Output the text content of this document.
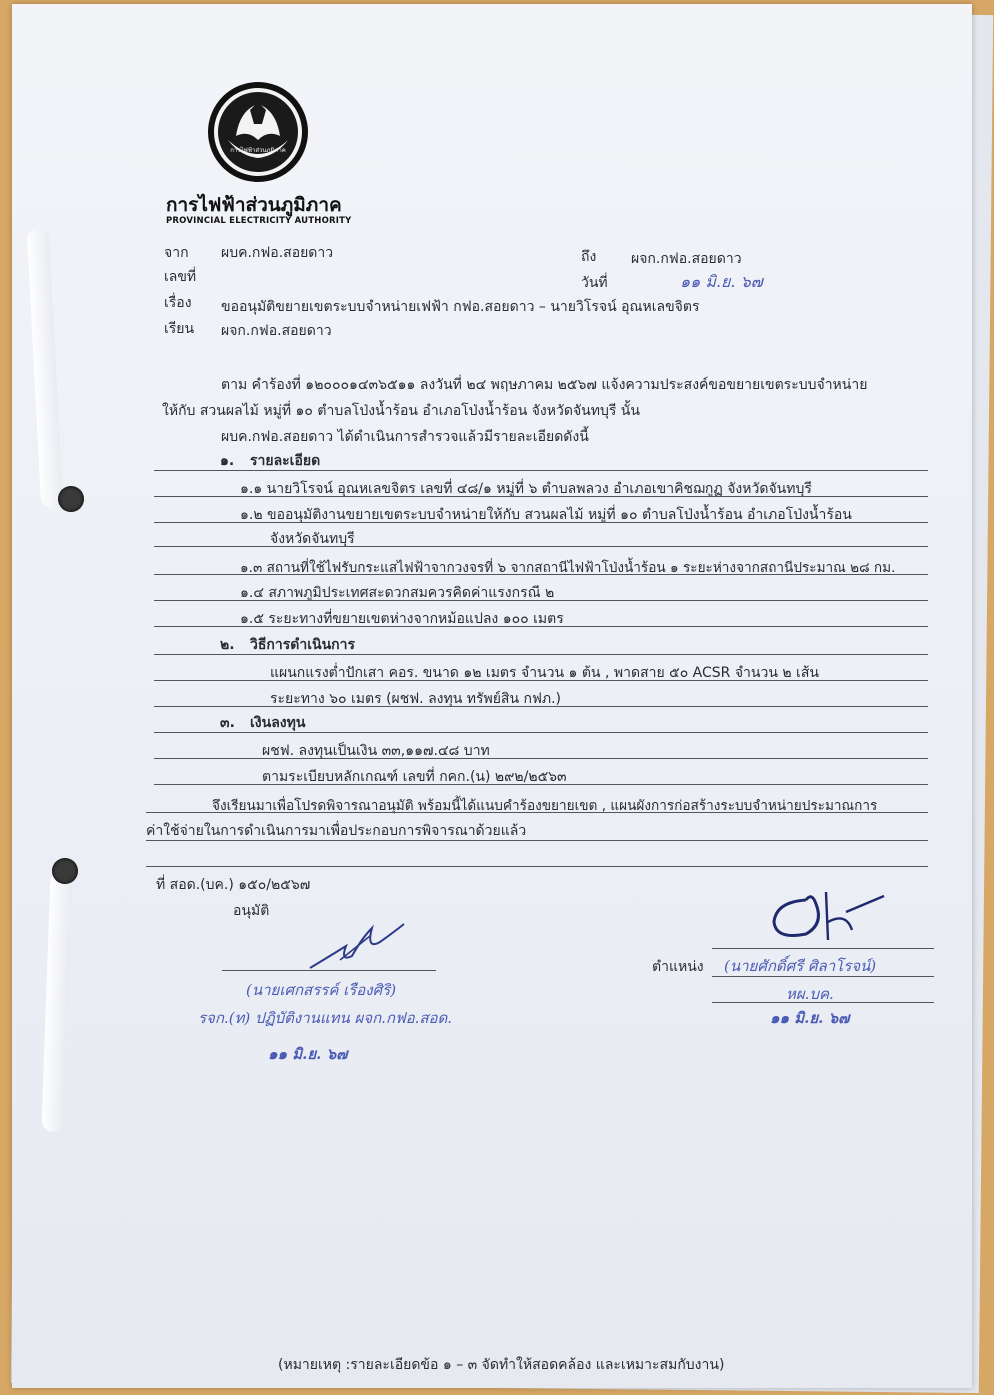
การไฟฟ้าส่วนภูมิภาค
การไฟฟ้าส่วนภูมิภาค
PROVINCIAL ELECTRICITY AUTHORITY
จาก ผบค.กฟอ.สอยดาว	ถึง ผจก.กฟอ.สอยดาว
เลขที่	วันที่	๑๑ มิ.ย. ๖๗
เรื่อง ขออนุมัติขยายเขตระบบจำหน่ายเฟฟ้า กฟอ.สอยดาว – นายวิโรจน์ อุณหเลขจิตร
เรียน ผจก.กฟอ.สอยดาว
ตาม คำร้องที่ ๑๒๐๐๐๑๔๓๖๕๑๑ ลงวันที่ ๒๔ พฤษภาคม ๒๕๖๗ แจ้งความประสงค์ขอขยายเขตระบบจำหน่าย
ให้กับ สวนผลไม้ หมู่ที่ ๑๐ ตำบลโป่งน้ำร้อน อำเภอโป่งน้ำร้อน จังหวัดจันทบุรี นั้น
ผบค.กฟอ.สอยดาว ได้ดำเนินการสำรวจแล้วมีรายละเอียดดังนี้
๑. รายละเอียด
๑.๑ นายวิโรจน์ อุณหเลขจิตร เลขที่ ๔๘/๑ หมู่ที่ ๖ ตำบลพลวง อำเภอเขาคิชฌกูฏ จังหวัดจันทบุรี
๑.๒ ขออนุมัติงานขยายเขตระบบจำหน่ายให้กับ สวนผลไม้ หมู่ที่ ๑๐ ตำบลโป่งน้ำร้อน อำเภอโป่งน้ำร้อน
จังหวัดจันทบุรี
๑.๓ สถานที่ใช้ไฟรับกระแสไฟฟ้าจากวงจรที่ ๖ จากสถานีไฟฟ้าโป่งน้ำร้อน ๑ ระยะห่างจากสถานีประมาณ ๒๘ กม.
๑.๔ สภาพภูมิประเทศสะดวกสมควรคิดค่าแรงกรณี ๒
๑.๕ ระยะทางที่ขยายเขตห่างจากหม้อแปลง ๑๐๐ เมตร
๒. วิธีการดำเนินการ
แผนกแรงต่ำปักเสา คอร. ขนาด ๑๒ เมตร จำนวน ๑ ต้น , พาดสาย ๕๐ ACSR จำนวน ๒ เส้น
ระยะทาง ๖๐ เมตร (ผชฟ. ลงทุน ทรัพย์สิน กฟภ.)
๓. เงินลงทุน
ผชฟ. ลงทุนเป็นเงิน ๓๓,๑๑๗.๔๘ บาท
ตามระเบียบหลักเกณฑ์ เลขที่ กคก.(น) ๒๙๒/๒๕๖๓
จึงเรียนมาเพื่อโปรดพิจารณาอนุมัติ พร้อมนี้ได้แนบคำร้องขยายเขต , แผนผังการก่อสร้างระบบจำหน่ายประมาณการ
ค่าใช้จ่ายในการดำเนินการมาเพื่อประกอบการพิจารณาด้วยแล้ว
ที่ สอด.(บค.) ๑๕๐/๒๕๖๗
อนุมัติ
(นายเศกสรรค์ เรืองศิริ)
รจก.(ท) ปฏิบัติงานแทน ผจก.กฟอ.สอด.
๑๑ มิ.ย. ๖๗
ตำแหน่ง (นายศักดิ์ศรี ศิลาโรจน์)
หผ.บค.
๑๑ มิ.ย. ๖๗
(หมายเหตุ :รายละเอียดข้อ ๑ – ๓ จัดทำให้สอดคล้อง และเหมาะสมกับงาน)
